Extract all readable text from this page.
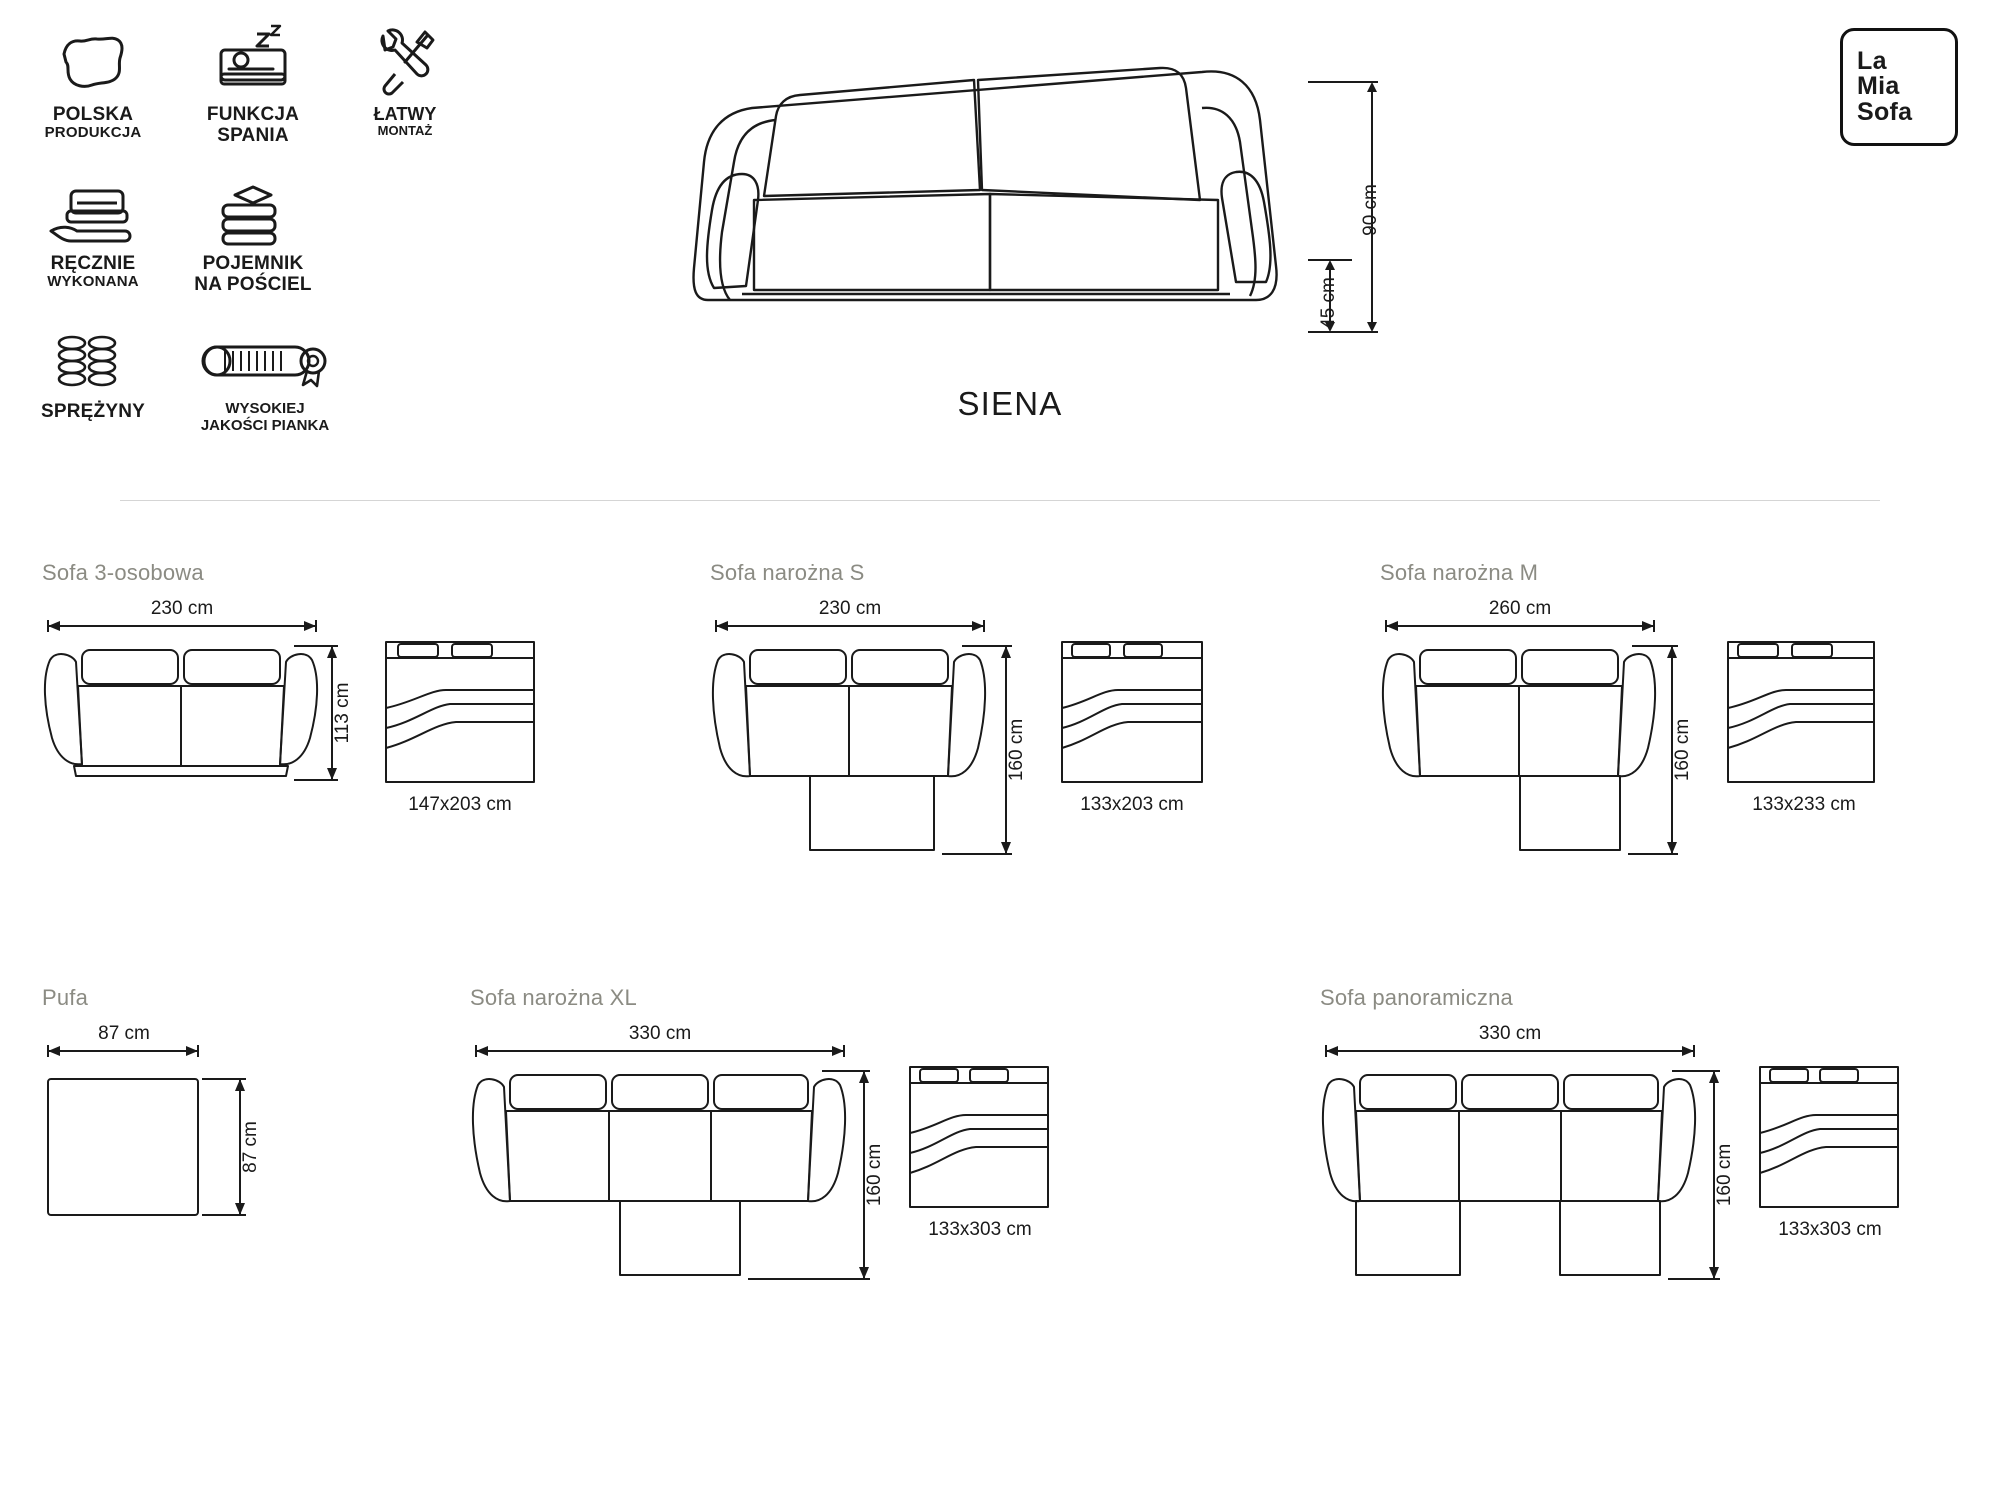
POLSKA
PRODUKCJA
FUNKCJA
SPANIA
ŁATWY
MONTAŻ
RĘCZNIE
WYKONANA
POJEMNIK
NA POŚCIEL
SPRĘŻYNY	WYSOKIEJ
JAKOŚCI PIANKA
La
Mia
Sofa
90 cm
45 cm
SIENA
Sofa 3-osobowa
230 cm
113 cm
147x203 cm
Sofa narożna S
230 cm
160 cm
133x203 cm
Sofa narożna M
260 cm
160 cm
133x233 cm
Pufa
87 cm
87 cm
Sofa narożna XL
330 cm
160 cm
133x303 cm
Sofa panoramiczna
330 cm
160 cm
133x303 cm
